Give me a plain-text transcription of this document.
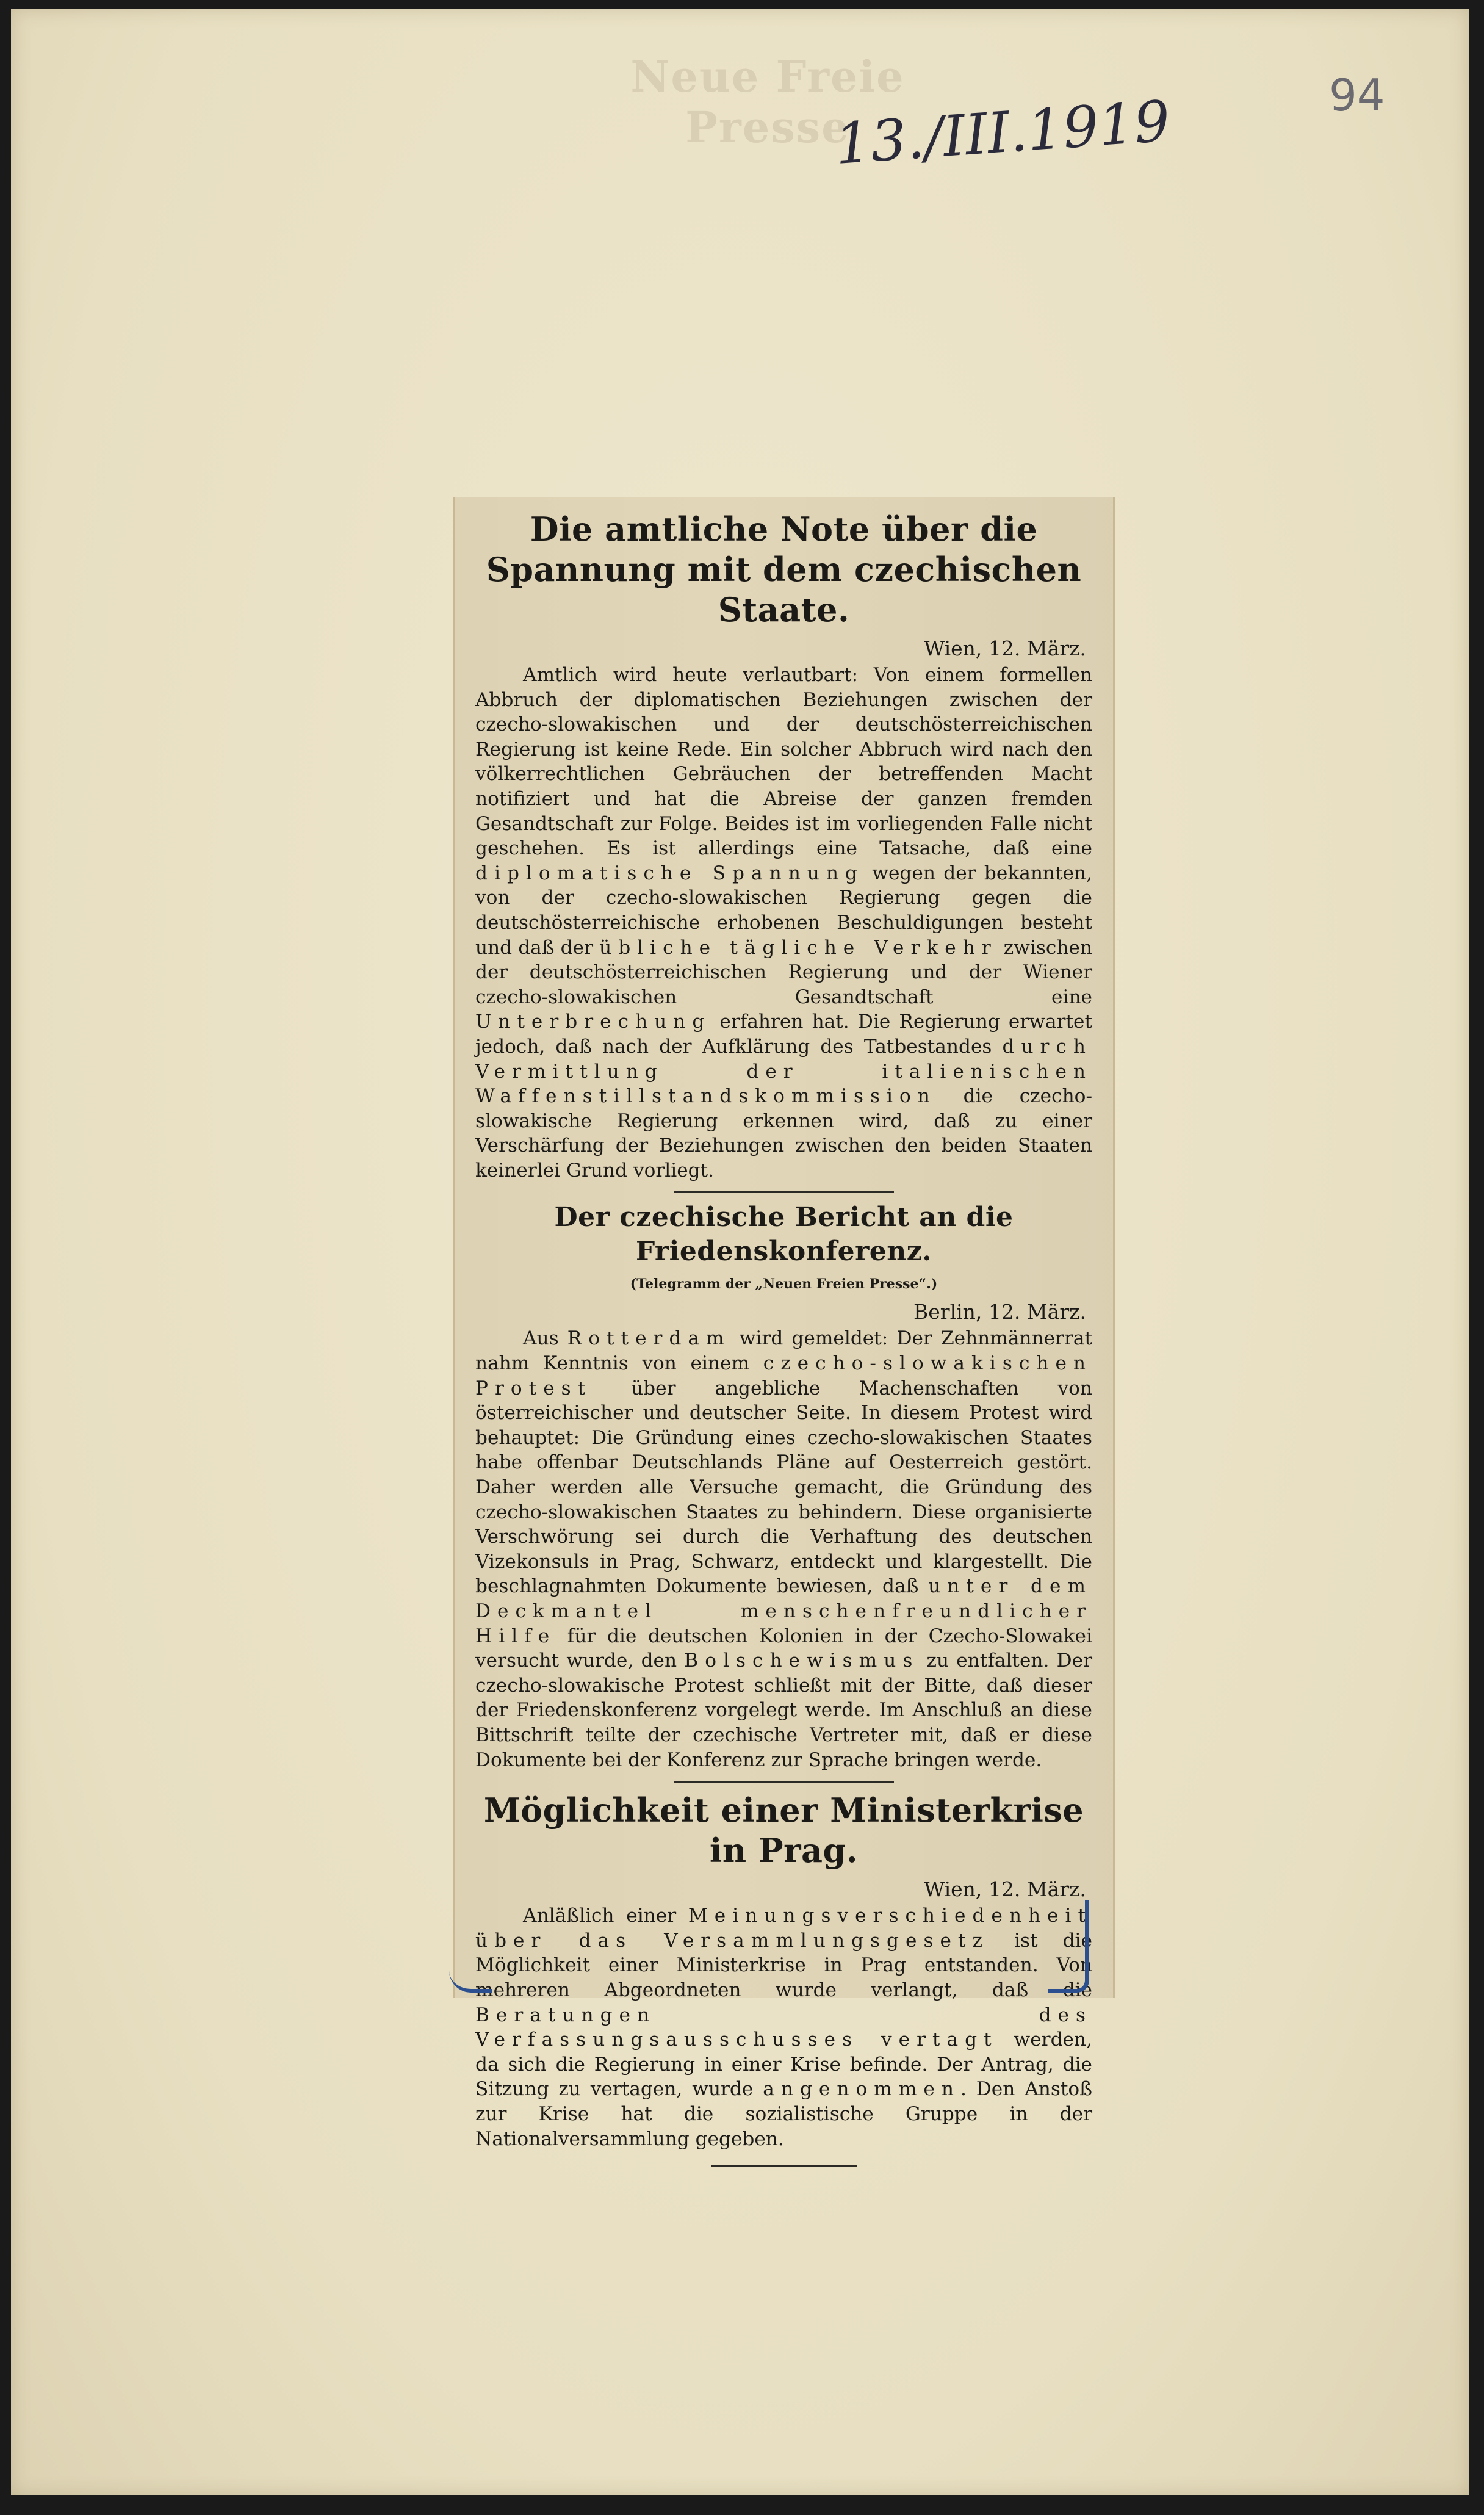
Neue Freie Presse
13./III.1919	94
Die amtliche Note über die Spannung mit dem czechischen Staate.
Wien, 12. März.

Amtlich wird heute verlautbart: Von einem formellen Abbruch der diplomatischen Beziehungen zwischen der czecho-slowakischen und der deutschösterreichischen Regierung ist keine Rede. Ein solcher Abbruch wird nach den völkerrechtlichen Gebräuchen der betreffenden Macht notifiziert und hat die Abreise der ganzen fremden Gesandtschaft zur Folge. Beides ist im vorliegenden Falle nicht geschehen. Es ist allerdings eine Tatsache, daß eine diplomatische Spannung wegen der bekannten, von der czecho-slowakischen Regierung gegen die deutschösterreichische erhobenen Beschuldigungen besteht und daß der übliche tägliche Verkehr zwischen der deutschösterreichischen Regierung und der Wiener czecho-slowakischen Gesandtschaft eine Unterbrechung erfahren hat. Die Regierung erwartet jedoch, daß nach der Aufklärung des Tatbestandes durch Vermittlung der italienischen Waffenstillstandskommission die czecho-slowakische Regierung erkennen wird, daß zu einer Verschärfung der Beziehungen zwischen den beiden Staaten keinerlei Grund vorliegt.

Der czechische Bericht an die Friedenskonferenz.
(Telegramm der „Neuen Freien Presse“.)
Berlin, 12. März.

Aus Rotterdam wird gemeldet: Der Zehnmännerrat nahm Kenntnis von einem czecho-slowakischen Protest über angebliche Machenschaften von österreichischer und deutscher Seite. In diesem Protest wird behauptet: Die Gründung eines czecho-slowakischen Staates habe offenbar Deutschlands Pläne auf Oesterreich gestört. Daher werden alle Versuche gemacht, die Gründung des czecho-slowakischen Staates zu behindern. Diese organisierte Verschwörung sei durch die Verhaftung des deutschen Vizekonsuls in Prag, Schwarz, entdeckt und klargestellt. Die beschlagnahmten Dokumente bewiesen, daß unter dem Deckmantel menschenfreundlicher Hilfe für die deutschen Kolonien in der Czecho-Slowakei versucht wurde, den Bolschewismus zu entfalten. Der czecho-slowakische Protest schließt mit der Bitte, daß dieser der Friedenskonferenz vorgelegt werde. Im Anschluß an diese Bittschrift teilte der czechische Vertreter mit, daß er diese Dokumente bei der Konferenz zur Sprache bringen werde.

Möglichkeit einer Ministerkrise in Prag.
Wien, 12. März.

Anläßlich einer Meinungsverschiedenheit über das Versammlungsgesetz ist die Möglichkeit einer Ministerkrise in Prag entstanden. Von mehreren Abgeordneten wurde verlangt, daß die Beratungen des Verfassungsausschusses vertagt werden, da sich die Regierung in einer Krise befinde. Der Antrag, die Sitzung zu vertagen, wurde angenommen. Den Anstoß zur Krise hat die sozialistische Gruppe in der Nationalversammlung gegeben.
